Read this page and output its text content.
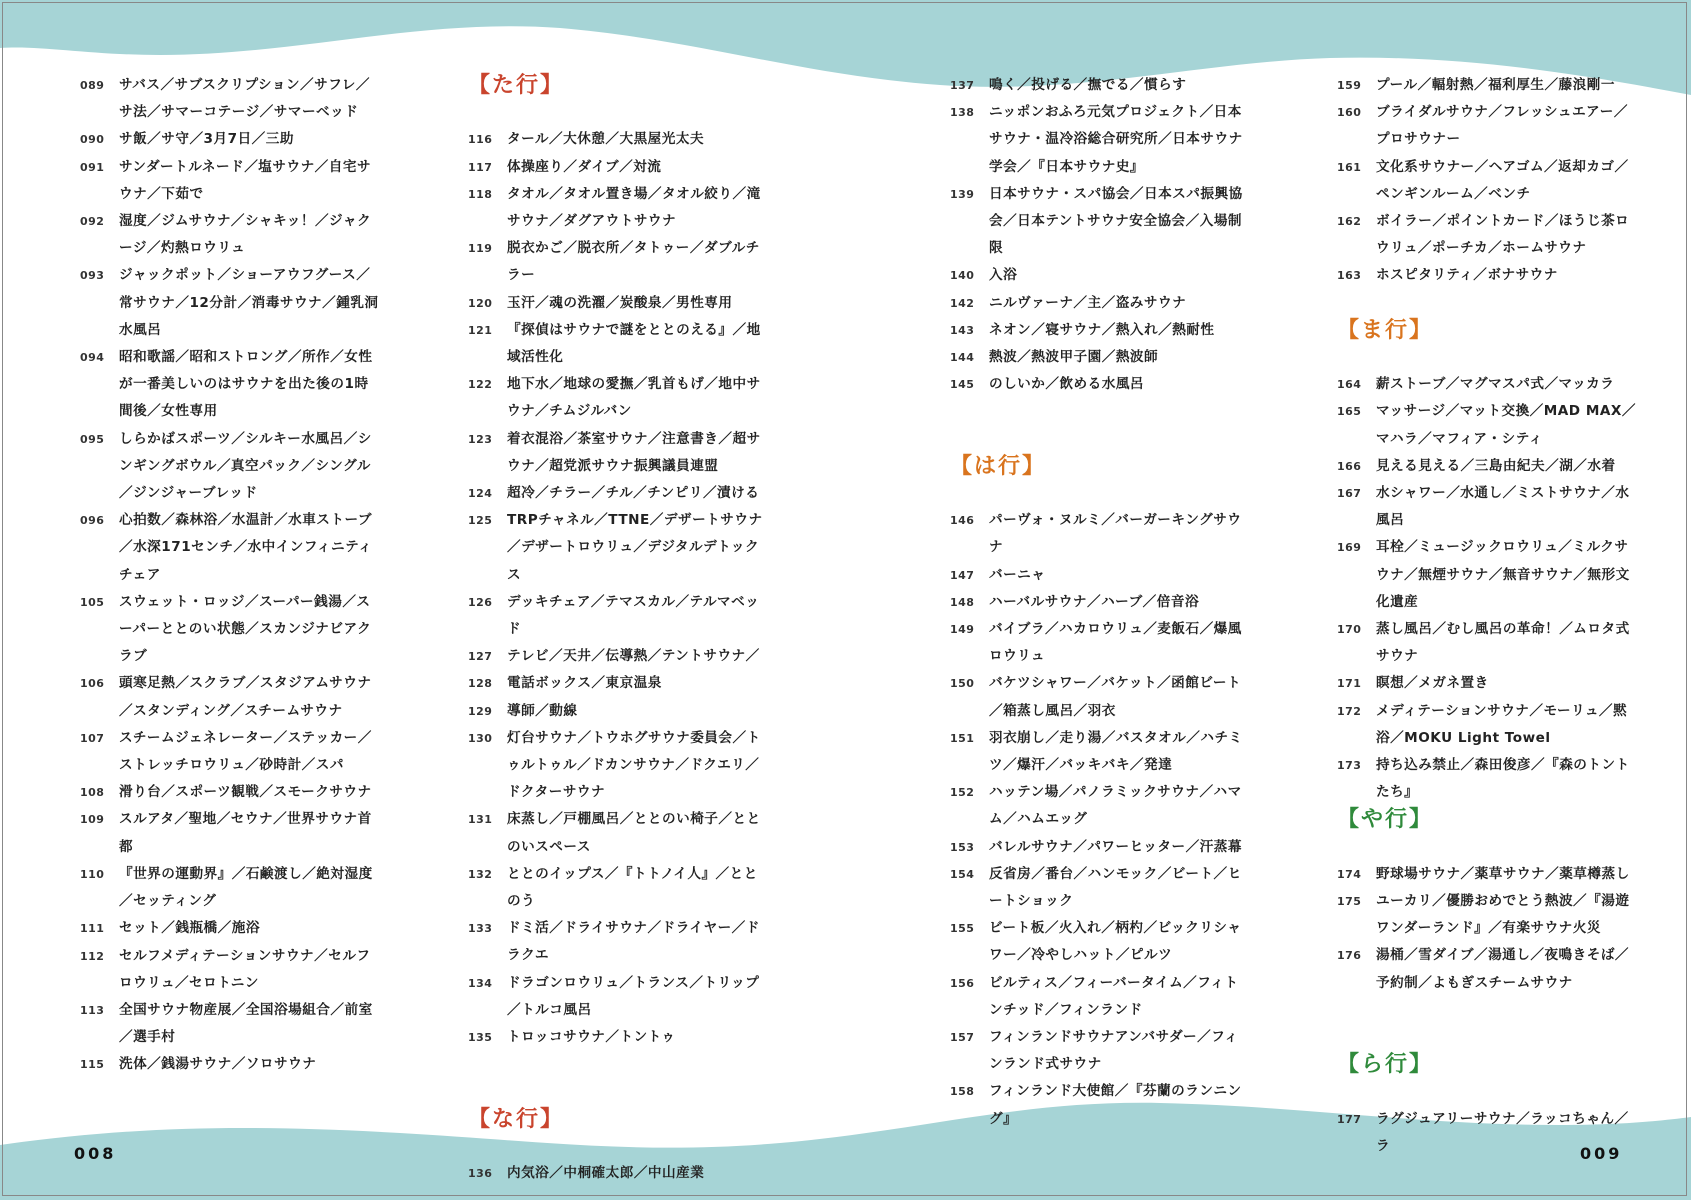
089	サバス／サブスクリプション／サフレ／サ法／サマーコテージ／サマーベッド
090	サ飯／サ守／3月7日／三助
091	サンダートルネード／塩サウナ／自宅サウナ／下茹で
092	湿度／ジムサウナ／シャキッ！／ジャクージ／灼熱ロウリュ
093	ジャックポット／ショーアウフグース／常サウナ／12分計／消毒サウナ／鍾乳洞水風呂
094	昭和歌謡／昭和ストロング／所作／女性が一番美しいのはサウナを出た後の1時間後／女性専用
095	しらかばスポーツ／シルキー水風呂／シンギングボウル／真空パック／シングル／ジンジャーブレッド
096	心拍数／森林浴／水温計／水車ストーブ／水深171センチ／水中インフィニティチェア
105	スウェット・ロッジ／スーパー銭湯／スーパーととのい状態／スカンジナビアクラブ
106	頭寒足熱／スクラブ／スタジアムサウナ／スタンディング／スチームサウナ
107	スチームジェネレーター／ステッカー／ストレッチロウリュ／砂時計／スパ
108	滑り台／スポーツ観戦／スモークサウナ
109	スルアタ／聖地／セウナ／世界サウナ首都
110	『世界の運動界』／石鹸渡し／絶対湿度／セッティング
111	セット／銭瓶橋／施浴
112	セルフメディテーションサウナ／セルフロウリュ／セロトニン
113	全国サウナ物産展／全国浴場組合／前室／選手村
115	洗体／銭湯サウナ／ソロサウナ
【た行】
116	タール／大休憩／大黒屋光太夫
117	体操座り／ダイブ／対流
118	タオル／タオル置き場／タオル絞り／滝サウナ／ダグアウトサウナ
119	脱衣かご／脱衣所／タトゥー／ダブルチラー
120	玉汗／魂の洗濯／炭酸泉／男性専用
121	『探偵はサウナで謎をととのえる』／地域活性化
122	地下水／地球の愛撫／乳首もげ／地中サウナ／チムジルバン
123	着衣混浴／茶室サウナ／注意書き／超サウナ／超党派サウナ振興議員連盟
124	超冷／チラー／チル／チンピリ／漬ける
125	TRPチャネル／TTNE／デザートサウナ／デザートロウリュ／デジタルデトックス
126	デッキチェア／テマスカル／テルマベッド
127	テレビ／天井／伝導熱／テントサウナ／
128	電話ボックス／東京温泉
129	導師／動線
130	灯台サウナ／トウホグサウナ委員会／トゥルトゥル／ドカンサウナ／ドクエリ／ドクターサウナ
131	床蒸し／戸棚風呂／ととのい椅子／ととのいスペース
132	ととのイップス／『トトノイ人』／ととのう
133	ドミ活／ドライサウナ／ドライヤー／ドラクエ
134	ドラゴンロウリュ／トランス／トリップ／トルコ風呂
135	トロッコサウナ／トントゥ
【な行】
136	内気浴／中桐確太郎／中山産業
137	鳴く／投げる／撫でる／慣らす
138	ニッポンおふろ元気プロジェクト／日本サウナ・温冷浴総合研究所／日本サウナ学会／『日本サウナ史』
139	日本サウナ・スパ協会／日本スパ振興協会／日本テントサウナ安全協会／入場制限
140	入浴
142	ニルヴァーナ／主／盗みサウナ
143	ネオン／寝サウナ／熱入れ／熱耐性
144	熱波／熱波甲子園／熱波師
145	のしいか／飲める水風呂
【は行】
146	パーヴォ・ヌルミ／バーガーキングサウナ
147	バーニャ
148	ハーバルサウナ／ハーブ／倍音浴
149	バイブラ／ハカロウリュ／麦飯石／爆風ロウリュ
150	バケツシャワー／バケット／函館ビート／箱蒸し風呂／羽衣
151	羽衣崩し／走り湯／バスタオル／ハチミツ／爆汗／バッキバキ／発達
152	ハッテン場／パノラミックサウナ／ハマム／ハムエッグ
153	バレルサウナ／パワーヒッター／汗蒸幕
154	反省房／番台／ハンモック／ビート／ヒートショック
155	ビート板／火入れ／柄杓／ビックリシャワー／冷やしハット／ピルツ
156	ビルティス／フィーバータイム／フィトンチッド／フィンランド
157	フィンランドサウナアンバサダー／フィンランド式サウナ
158	フィンランド大使館／『芬蘭のランニング』
159	プール／輻射熱／福利厚生／藤浪剛一
160	ブライダルサウナ／フレッシュエアー／プロサウナー
161	文化系サウナー／ヘアゴム／返却カゴ／ペンギンルーム／ベンチ
162	ボイラー／ポイントカード／ほうじ茶ロウリュ／ポーチカ／ホームサウナ
163	ホスピタリティ／ボナサウナ
【ま行】
164	薪ストーブ／マグマスパ式／マッカラ
165	マッサージ／マット交換／MAD MAX／マハラ／マフィア・シティ
166	見える見える／三島由紀夫／湖／水着
167	水シャワー／水通し／ミストサウナ／水風呂
169	耳栓／ミュージックロウリュ／ミルクサウナ／無煙サウナ／無音サウナ／無形文化遺産
170	蒸し風呂／むし風呂の革命！／ムロタ式サウナ
171	瞑想／メガネ置き
172	メディテーションサウナ／モーリュ／黙浴／MOKU Light Towel
173	持ち込み禁止／森田俊彦／『森のトントたち』
【や行】
174	野球場サウナ／薬草サウナ／薬草樽蒸し
175	ユーカリ／優勝おめでとう熱波／『湯遊ワンダーランド』／有楽サウナ火災
176	湯桶／雪ダイブ／湯通し／夜鳴きそば／予約制／よもぎスチームサウナ
【ら行】
177	ラグジュアリーサウナ／ラッコちゃん／ラ
008	009
